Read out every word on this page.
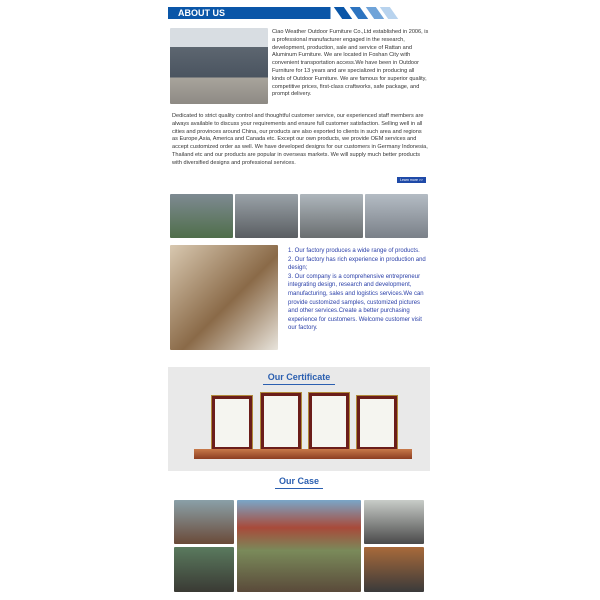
ABOUT US
Ciao Weather Outdoor Furniture Co.,Ltd established in 2006, is a professional manufacturer engaged in the research, development, production, sale and service of Rattan and Aluminum Furniture. We are located in Foshan City with convenient transportation access.We have been in Outdoor Furniture for 13 years and are specialized in producing all kinds of Outdoor Furniture. We are famous for superior quality, competitive prices, first-class craftworks, safe package, and prompt delivery.
Dedicated to strict quality control and thoughtful customer service, our experienced staff members are always available to discuss your requirements and ensure full customer satisfaction. Selling well in all cities and provinces around China, our products are also exported to clients in such area and regions as Europe,Asia, America and Canada etc. Except our own products, we provide OEM services and accept customized order as well. We have developed designs for our customers in Germany Indonesia, Thailand etc and our products are popular in overseas markets. We will supply much better products with diversified designs and professional services.
Learn more >>
1. Our factory produces a wide range of products.
2. Our factory has rich experience in production and design;
3. Our company is a comprehensive entrepreneur integrating design, research and development, manufacturing, sales and logistics services.We can provide customized samples, customized pictures and other services.Create a better purchasing experience for customers. Welcome customer visit our factory.
Our Certificate
Our Case
